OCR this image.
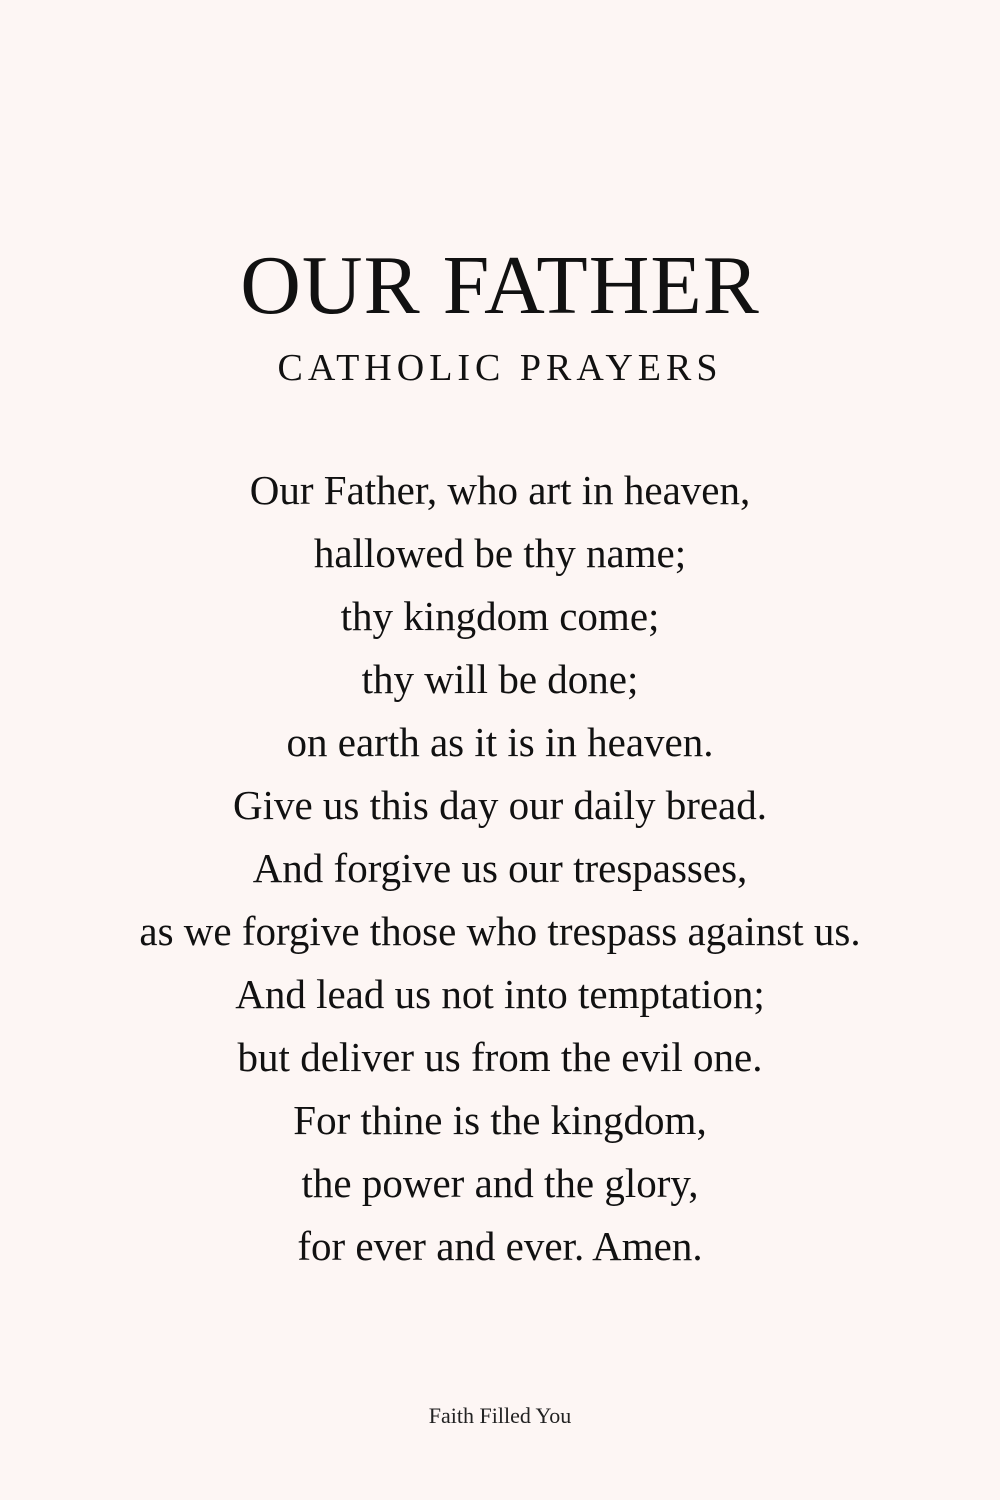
OUR FATHER
CATHOLIC PRAYERS
Our Father, who art in heaven,
hallowed be thy name;
thy kingdom come;
thy will be done;
on earth as it is in heaven.
Give us this day our daily bread.
And forgive us our trespasses,
as we forgive those who trespass against us.
And lead us not into temptation;
but deliver us from the evil one.
For thine is the kingdom,
the power and the glory,
for ever and ever. Amen.
Faith Filled You
